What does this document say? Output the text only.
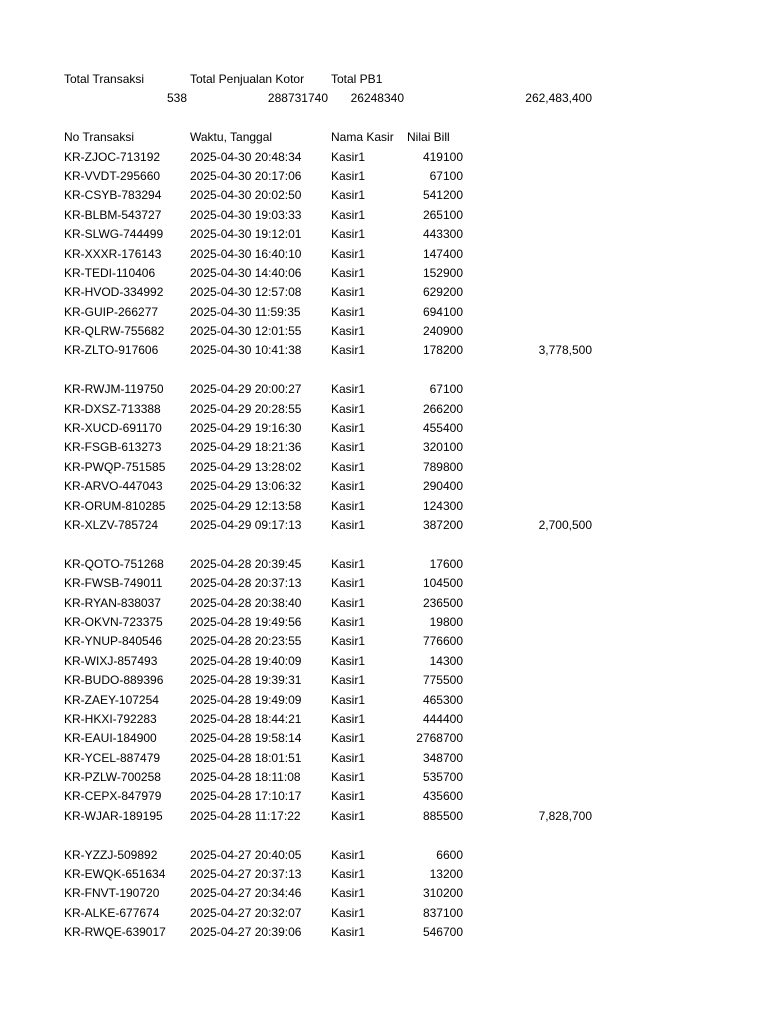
Total Transaksi	Total Penjualan Kotor Total PB1
538	288731740 26248340	262,483,400
No Transaksi	Waktu, Tanggal	Nama Kasir Nilai Bill
KR-ZJOC-713192 2025-04-30 20:48:34 Kasir1	419100
KR-VVDT-295660 2025-04-30 20:17:06 Kasir1	67100
KR-CSYB-783294 2025-04-30 20:02:50 Kasir1	541200
KR-BLBM-543727 2025-04-30 19:03:33 Kasir1	265100
KR-SLWG-744499 2025-04-30 19:12:01 Kasir1	443300
KR-XXXR-176143 2025-04-30 16:40:10 Kasir1	147400
KR-TEDI-110406	2025-04-30 14:40:06 Kasir1	152900
KR-HVOD-334992 2025-04-30 12:57:08 Kasir1	629200
KR-GUIP-266277	2025-04-30 11:59:35	Kasir1	694100
KR-QLRW-755682 2025-04-30 12:01:55 Kasir1	240900
KR-ZLTO-917606	2025-04-30 10:41:38 Kasir1	178200	3,778,500
KR-RWJM-119750 2025-04-29 20:00:27 Kasir1	67100
KR-DXSZ-713388 2025-04-29 20:28:55 Kasir1	266200
KR-XUCD-691170 2025-04-29 19:16:30 Kasir1	455400
KR-FSGB-613273 2025-04-29 18:21:36 Kasir1	320100
KR-PWQP-751585 2025-04-29 13:28:02 Kasir1	789800
KR-ARVO-447043 2025-04-29 13:06:32 Kasir1	290400
KR-ORUM-810285 2025-04-29 12:13:58 Kasir1	124300
KR-XLZV-785724	2025-04-29 09:17:13 Kasir1	387200	2,700,500
KR-QOTO-751268 2025-04-28 20:39:45 Kasir1	17600
KR-FWSB-749011 2025-04-28 20:37:13 Kasir1	104500
KR-RYAN-838037 2025-04-28 20:38:40 Kasir1	236500
KR-OKVN-723375 2025-04-28 19:49:56 Kasir1	19800
KR-YNUP-840546 2025-04-28 20:23:55 Kasir1	776600
KR-WIXJ-857493	2025-04-28 19:40:09 Kasir1	14300
KR-BUDO-889396 2025-04-28 19:39:31 Kasir1	775500
KR-ZAEY-107254	2025-04-28 19:49:09 Kasir1	465300
KR-HKXI-792283	2025-04-28 18:44:21 Kasir1	444400
KR-EAUI-184900	2025-04-28 19:58:14 Kasir1	2768700
KR-YCEL-887479 2025-04-28 18:01:51 Kasir1	348700
KR-PZLW-700258 2025-04-28 18:11:08	Kasir1	535700
KR-CEPX-847979 2025-04-28 17:10:17 Kasir1	435600
KR-WJAR-189195 2025-04-28 11:17:22	Kasir1	885500	7,828,700
KR-YZZJ-509892	2025-04-27 20:40:05 Kasir1	6600
KR-EWQK-651634 2025-04-27 20:37:13 Kasir1	13200
KR-FNVT-190720	2025-04-27 20:34:46 Kasir1	310200
KR-ALKE-677674	2025-04-27 20:32:07 Kasir1	837100
KR-RWQE-639017 2025-04-27 20:39:06 Kasir1	546700
